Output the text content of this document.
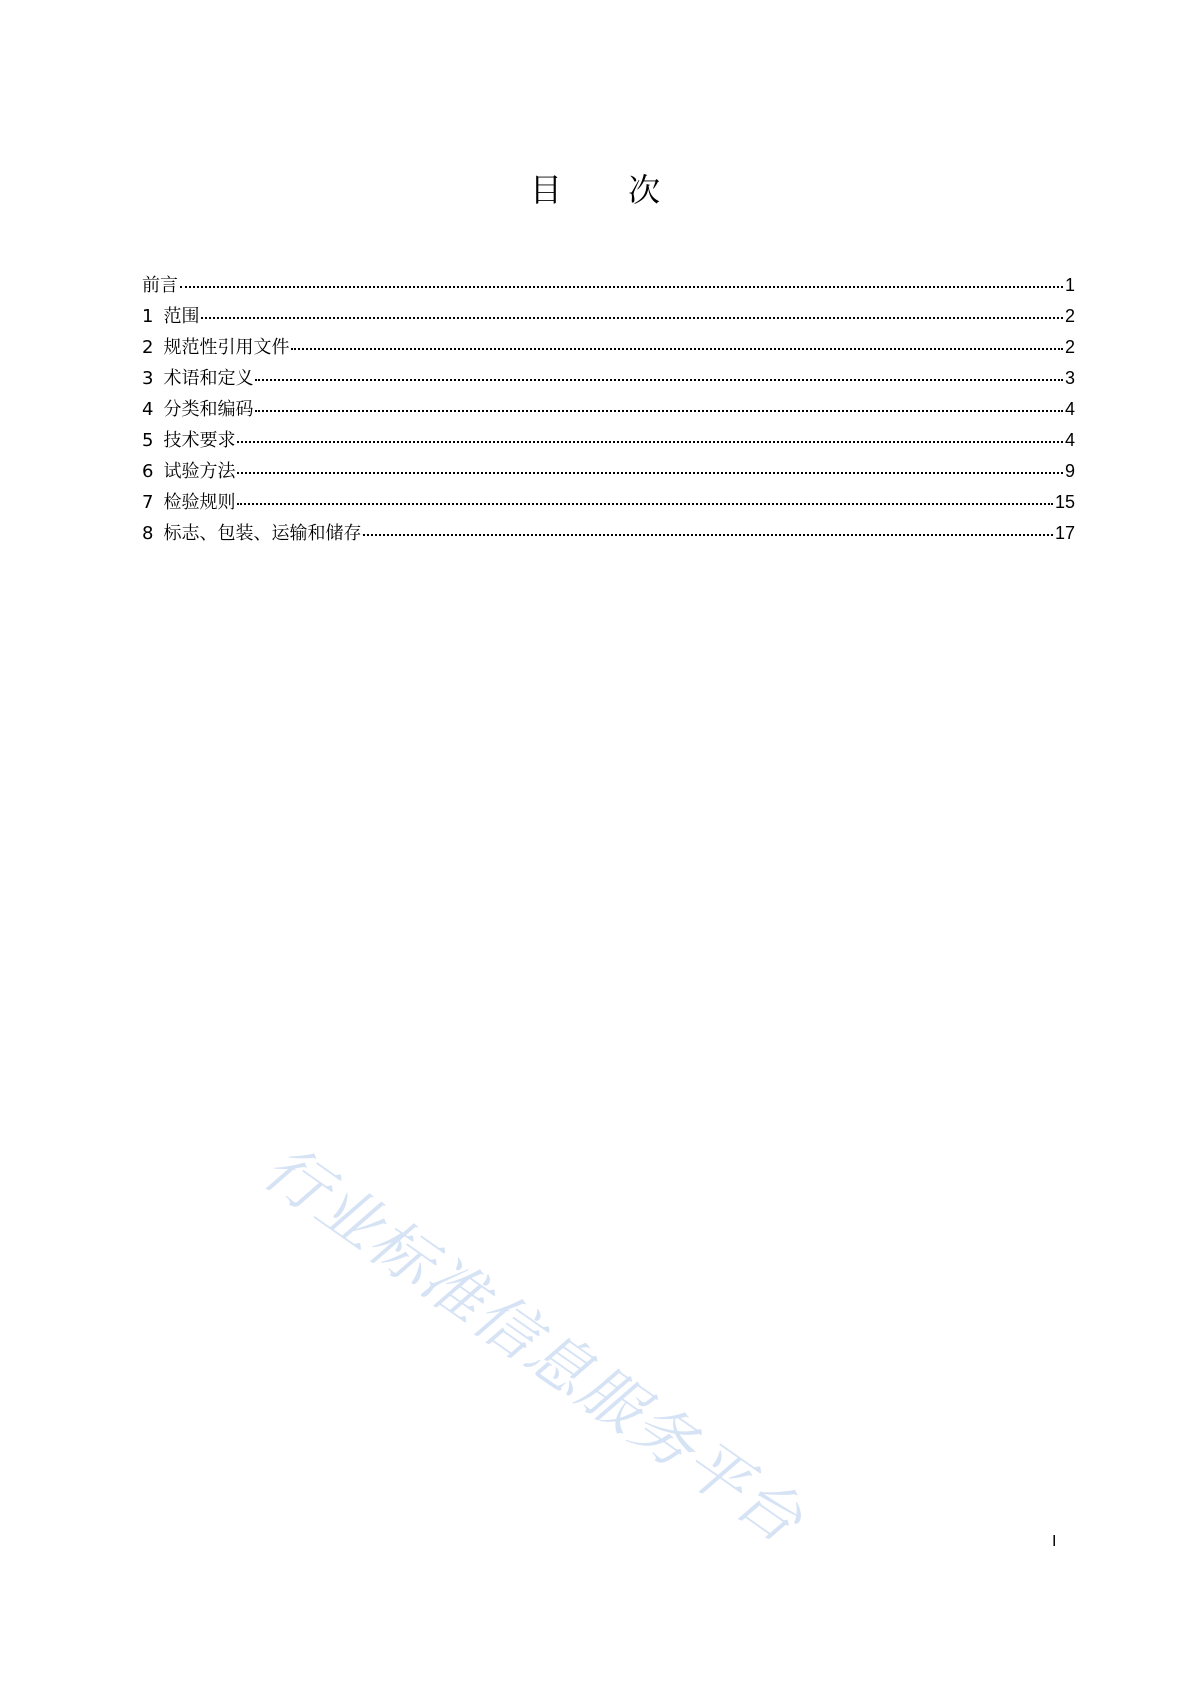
目 次
前言	1
1 范围	2
2 规范性引用文件	2
3 术语和定义	3
4 分类和编码	4
5 技术要求	4
6 试验方法	9
7 检验规则	15
8 标志、包装、运输和储存	17
行业标准信息服务平台	I
